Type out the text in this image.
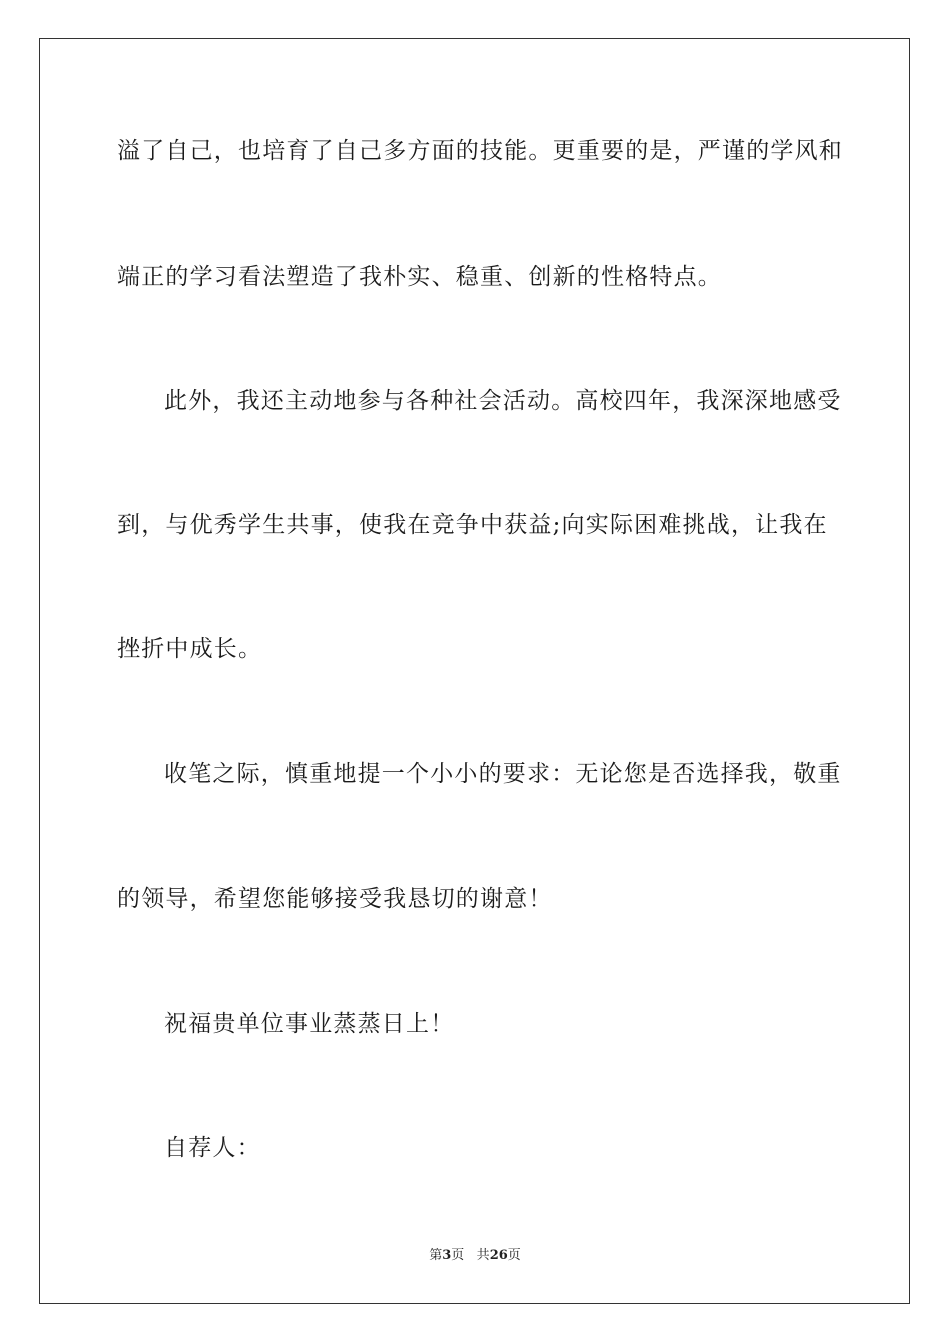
溢了自己，也培育了自己多方面的技能。更重要的是，严谨的学风和
端正的学习看法塑造了我朴实、稳重、创新的性格特点。
此外，我还主动地参与各种社会活动。高校四年，我深深地感受
到，与优秀学生共事，使我在竞争中获益;向实际困难挑战，让我在
挫折中成长。
收笔之际，慎重地提一个小小的要求：无论您是否选择我，敬重
的领导，希望您能够接受我恳切的谢意！
祝福贵单位事业蒸蒸日上！
自荐人：
第3页 共26页
